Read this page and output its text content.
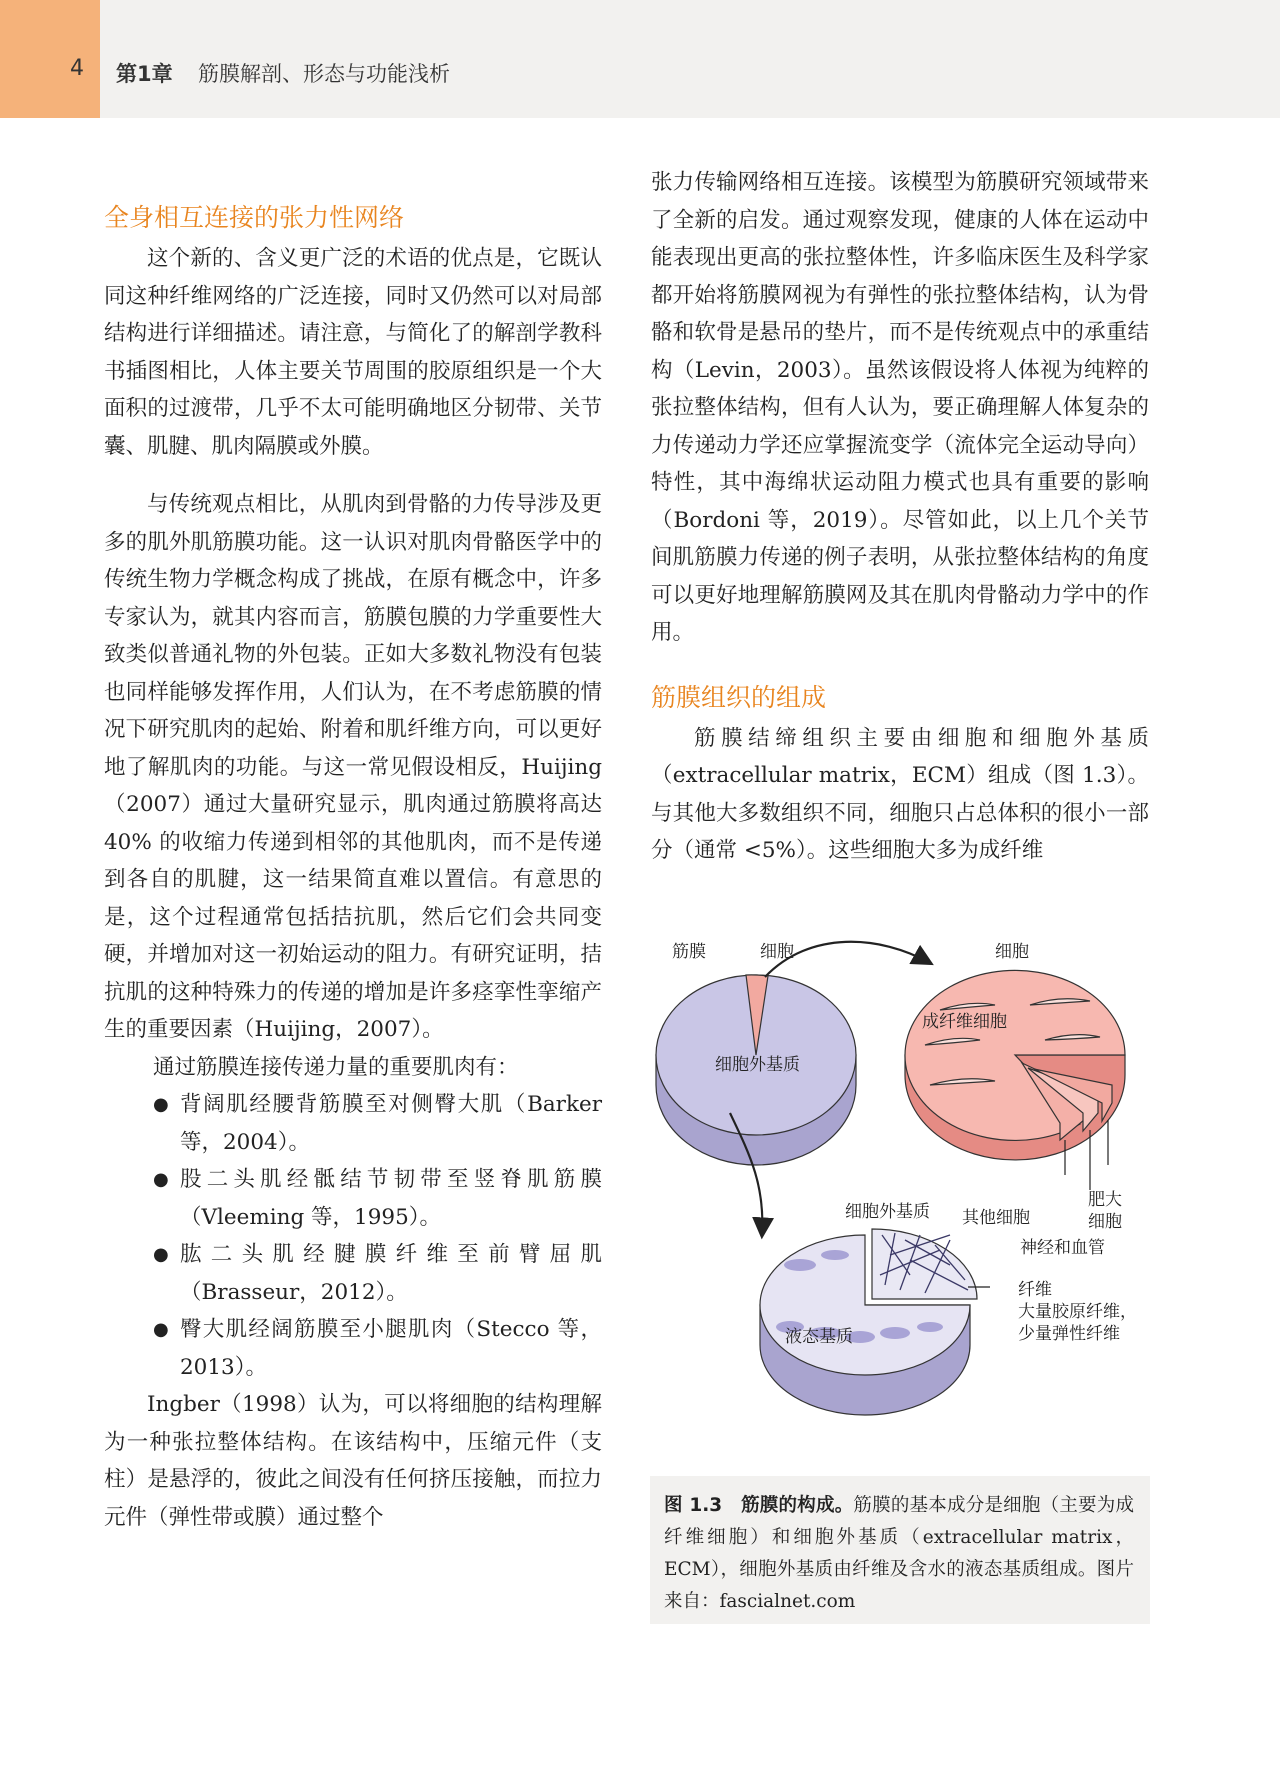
4 第1章 筋膜解剖、形态与功能浅析
全身相互连接的张力性网络

这个新的、含义更广泛的术语的优点是，它既认同这种纤维网络的广泛连接，同时又仍然可以对局部结构进行详细描述。请注意，与简化了的解剖学教科书插图相比，人体主要关节周围的胶原组织是一个大面积的过渡带，几乎不太可能明确地区分韧带、关节囊、肌腱、肌肉隔膜或外膜。

与传统观点相比，从肌肉到骨骼的力传导涉及更多的肌外肌筋膜功能。这一认识对肌肉骨骼医学中的传统生物力学概念构成了挑战，在原有概念中，许多专家认为，就其内容而言，筋膜包膜的力学重要性大致类似普通礼物的外包装。正如大多数礼物没有包装也同样能够发挥作用，人们认为，在不考虑筋膜的情况下研究肌肉的起始、附着和肌纤维方向，可以更好地了解肌肉的功能。与这一常见假设相反，Huijing（2007）通过大量研究显示，肌肉通过筋膜将高达 40% 的收缩力传递到相邻的其他肌肉，而不是传递到各自的肌腱，这一结果简直难以置信。有意思的是，这个过程通常包括拮抗肌，然后它们会共同变硬，并增加对这一初始运动的阻力。有研究证明，拮抗肌的这种特殊力的传递的增加是许多痉挛性挛缩产生的重要因素（Huijing，2007）。

通过筋膜连接传递力量的重要肌肉有：

● 背阔肌经腰背筋膜至对侧臀大肌（Barker 等，2004）。
● 股二头肌经骶结节韧带至竖脊肌筋膜（Vleeming 等，1995）。
● 肱二头肌经腱膜纤维至前臂屈肌（Brasseur，2012）。
● 臀大肌经阔筋膜至小腿肌肉（Stecco 等，2013）。

Ingber（1998）认为，可以将细胞的结构理解为一种张拉整体结构。在该结构中，压缩元件（支柱）是悬浮的，彼此之间没有任何挤压接触，而拉力元件（弹性带或膜）通过整个

张力传输网络相互连接。该模型为筋膜研究领域带来了全新的启发。通过观察发现，健康的人体在运动中能表现出更高的张拉整体性，许多临床医生及科学家都开始将筋膜网视为有弹性的张拉整体结构，认为骨骼和软骨是悬吊的垫片，而不是传统观点中的承重结构（Levin，2003）。虽然该假设将人体视为纯粹的张拉整体结构，但有人认为，要正确理解人体复杂的力传递动力学还应掌握流变学（流体完全运动导向）特性，其中海绵状运动阻力模式也具有重要的影响（Bordoni 等，2019）。尽管如此，以上几个关节间肌筋膜力传递的例子表明，从张拉整体结构的角度可以更好地理解筋膜网及其在肌肉骨骼动力学中的作用。

筋膜组织的组成

筋膜结缔组织主要由细胞和细胞外基质（extracellular matrix，ECM）组成（图 1.3）。与其他大多数组织不同，细胞只占总体积的很小一部分（通常 <5%）。这些细胞大多为成纤维

筋膜	细胞
细胞外基质
细胞
成纤维细胞
细胞外基质 其他细胞
肥大细胞
神经和血管
液态基质
纤维
大量胶原纤维，
少量弹性纤维
图 1.3　筋膜的构成。筋膜的基本成分是细胞（主要为成纤维细胞）和细胞外基质（extracellular matrix，ECM），细胞外基质由纤维及含水的液态基质组成。图片来自：fascialnet.com
